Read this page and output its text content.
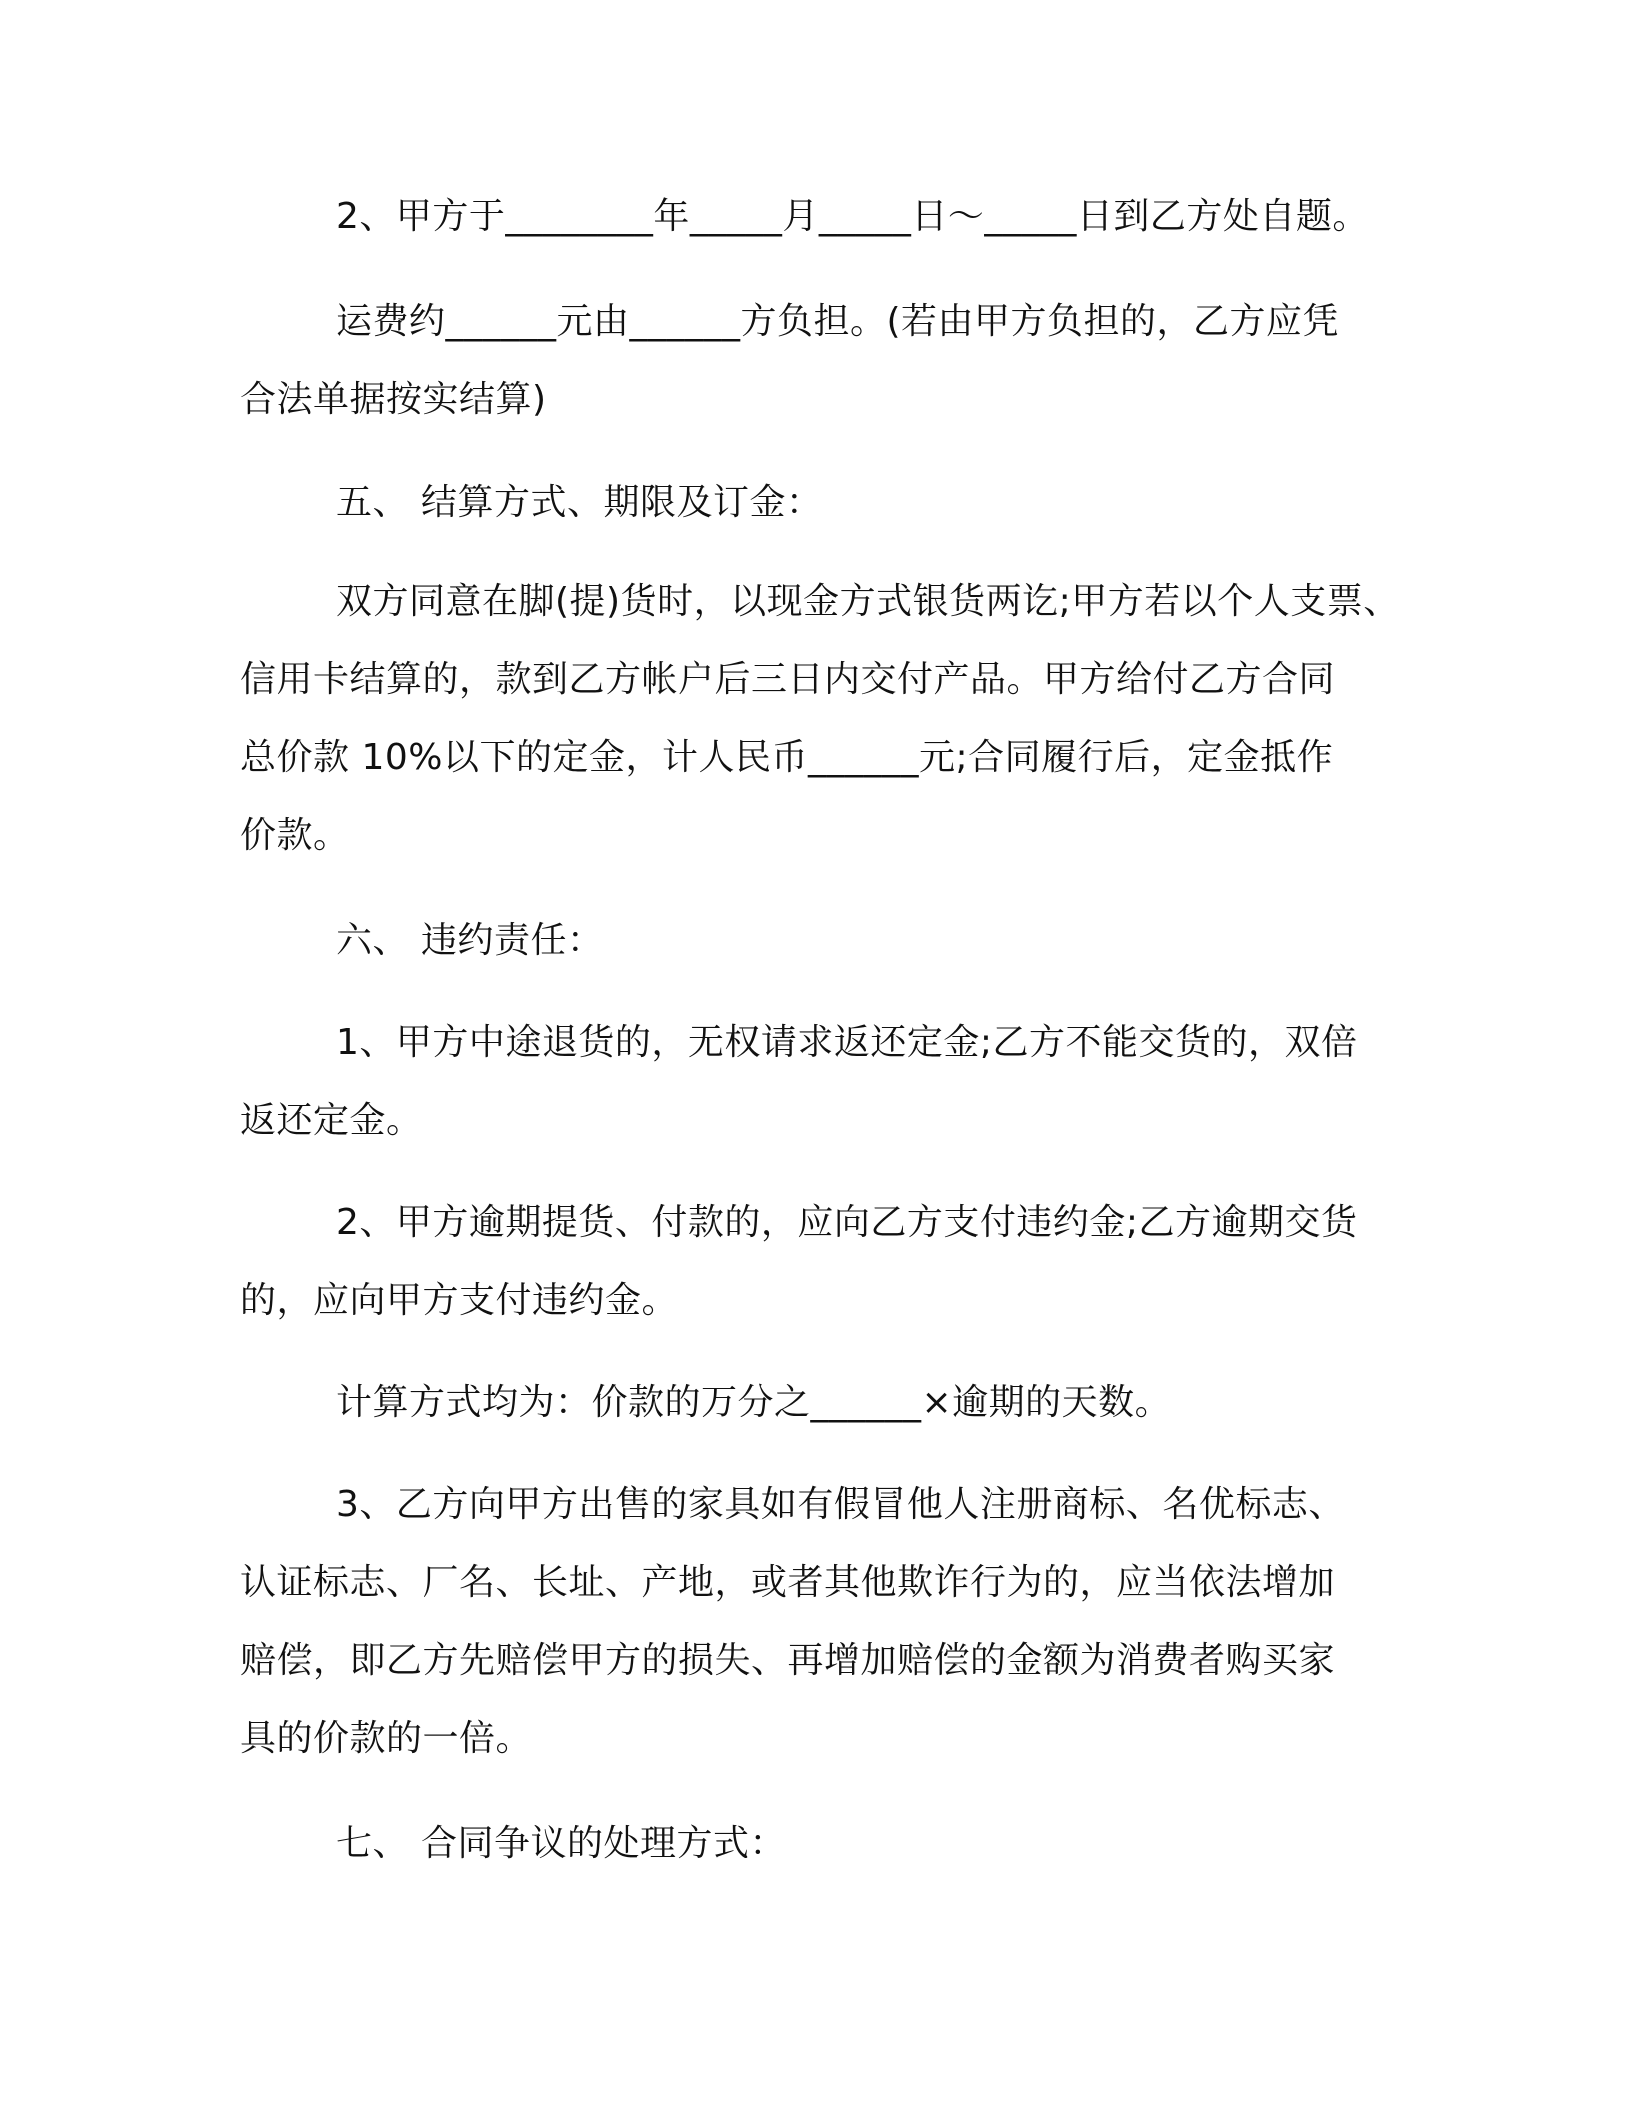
2、甲方于________年_____月_____日～_____日到乙方处自题。
运费约______元由______方负担。(若由甲方负担的，乙方应凭
合法单据按实结算)
五、 结算方式、期限及订金：
双方同意在脚(提)货时，以现金方式银货两讫;甲方若以个人支票、
信用卡结算的，款到乙方帐户后三日内交付产品。甲方给付乙方合同
总价款 10%以下的定金，计人民币______元;合同履行后，定金抵作
价款。
六、 违约责任：
1、甲方中途退货的，无权请求返还定金;乙方不能交货的，双倍
返还定金。
2、甲方逾期提货、付款的，应向乙方支付违约金;乙方逾期交货
的，应向甲方支付违约金。
计算方式均为：价款的万分之______×逾期的天数。
3、乙方向甲方出售的家具如有假冒他人注册商标、名优标志、
认证标志、厂名、长址、产地，或者其他欺诈行为的，应当依法增加
赔偿，即乙方先赔偿甲方的损失、再增加赔偿的金额为消费者购买家
具的价款的一倍。
七、 合同争议的处理方式：
